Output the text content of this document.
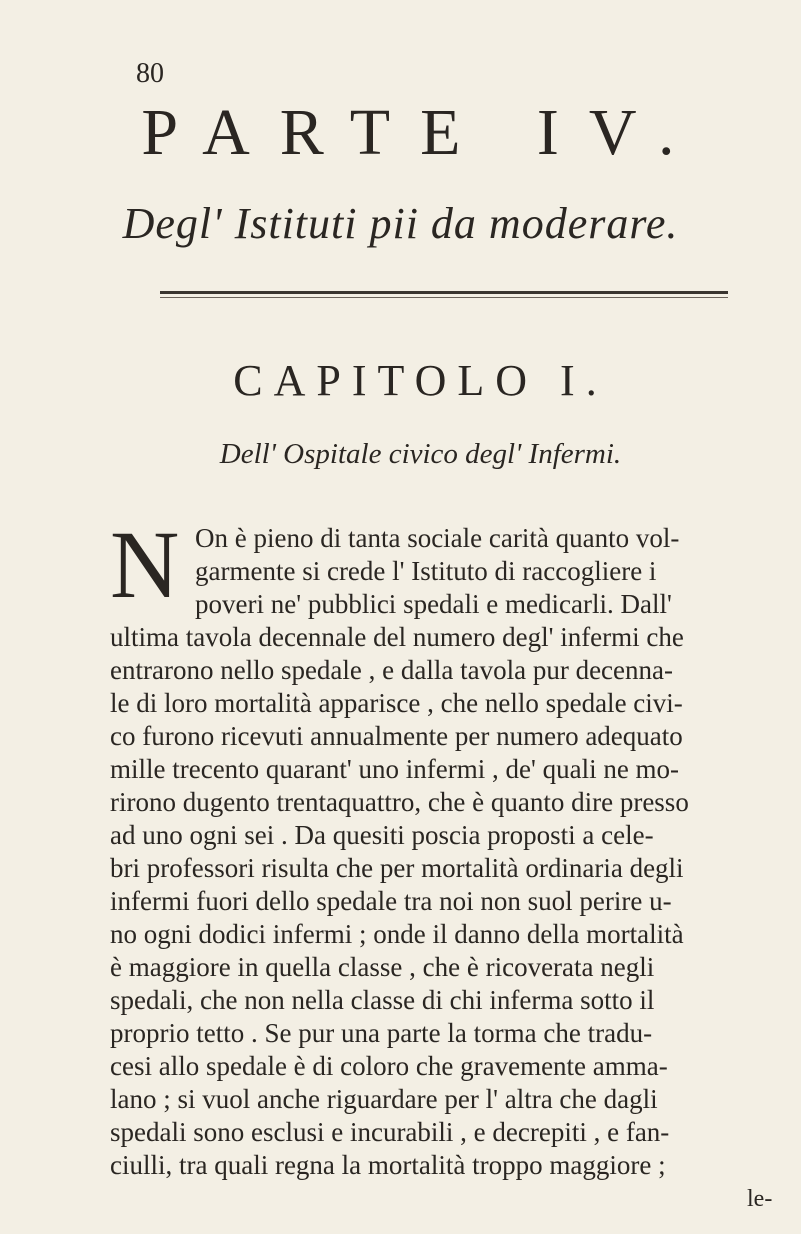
80
PARTE IV.
Degl' Istituti pii da moderare.
CAPITOLO I.
Dell' Ospitale civico degl' Infermi.
N On è pieno di tanta sociale carità quanto vol-
garmente si crede l' Istituto di raccogliere i
poveri ne' pubblici spedali e medicarli. Dall'
ultima tavola decennale del numero degl' infermi che
entrarono nello spedale , e dalla tavola pur decenna-
le di loro mortalità apparisce , che nello spedale civi-
co furono ricevuti annualmente per numero adequato
mille trecento quarant' uno infermi , de' quali ne mo-
rirono dugento trentaquattro, che è quanto dire presso
ad uno ogni sei . Da quesiti poscia proposti a cele-
bri professori risulta che per mortalità ordinaria degli
infermi fuori dello spedale tra noi non suol perire u-
no ogni dodici infermi ; onde il danno della mortalità
è maggiore in quella classe , che è ricoverata negli
spedali, che non nella classe di chi inferma sotto il
proprio tetto . Se pur una parte la torma che tradu-
cesi allo spedale è di coloro che gravemente amma-
lano ; si vuol anche riguardare per l' altra che dagli
spedali sono esclusi e incurabili , e decrepiti , e fan-
ciulli, tra quali regna la mortalità troppo maggiore ;
le-
